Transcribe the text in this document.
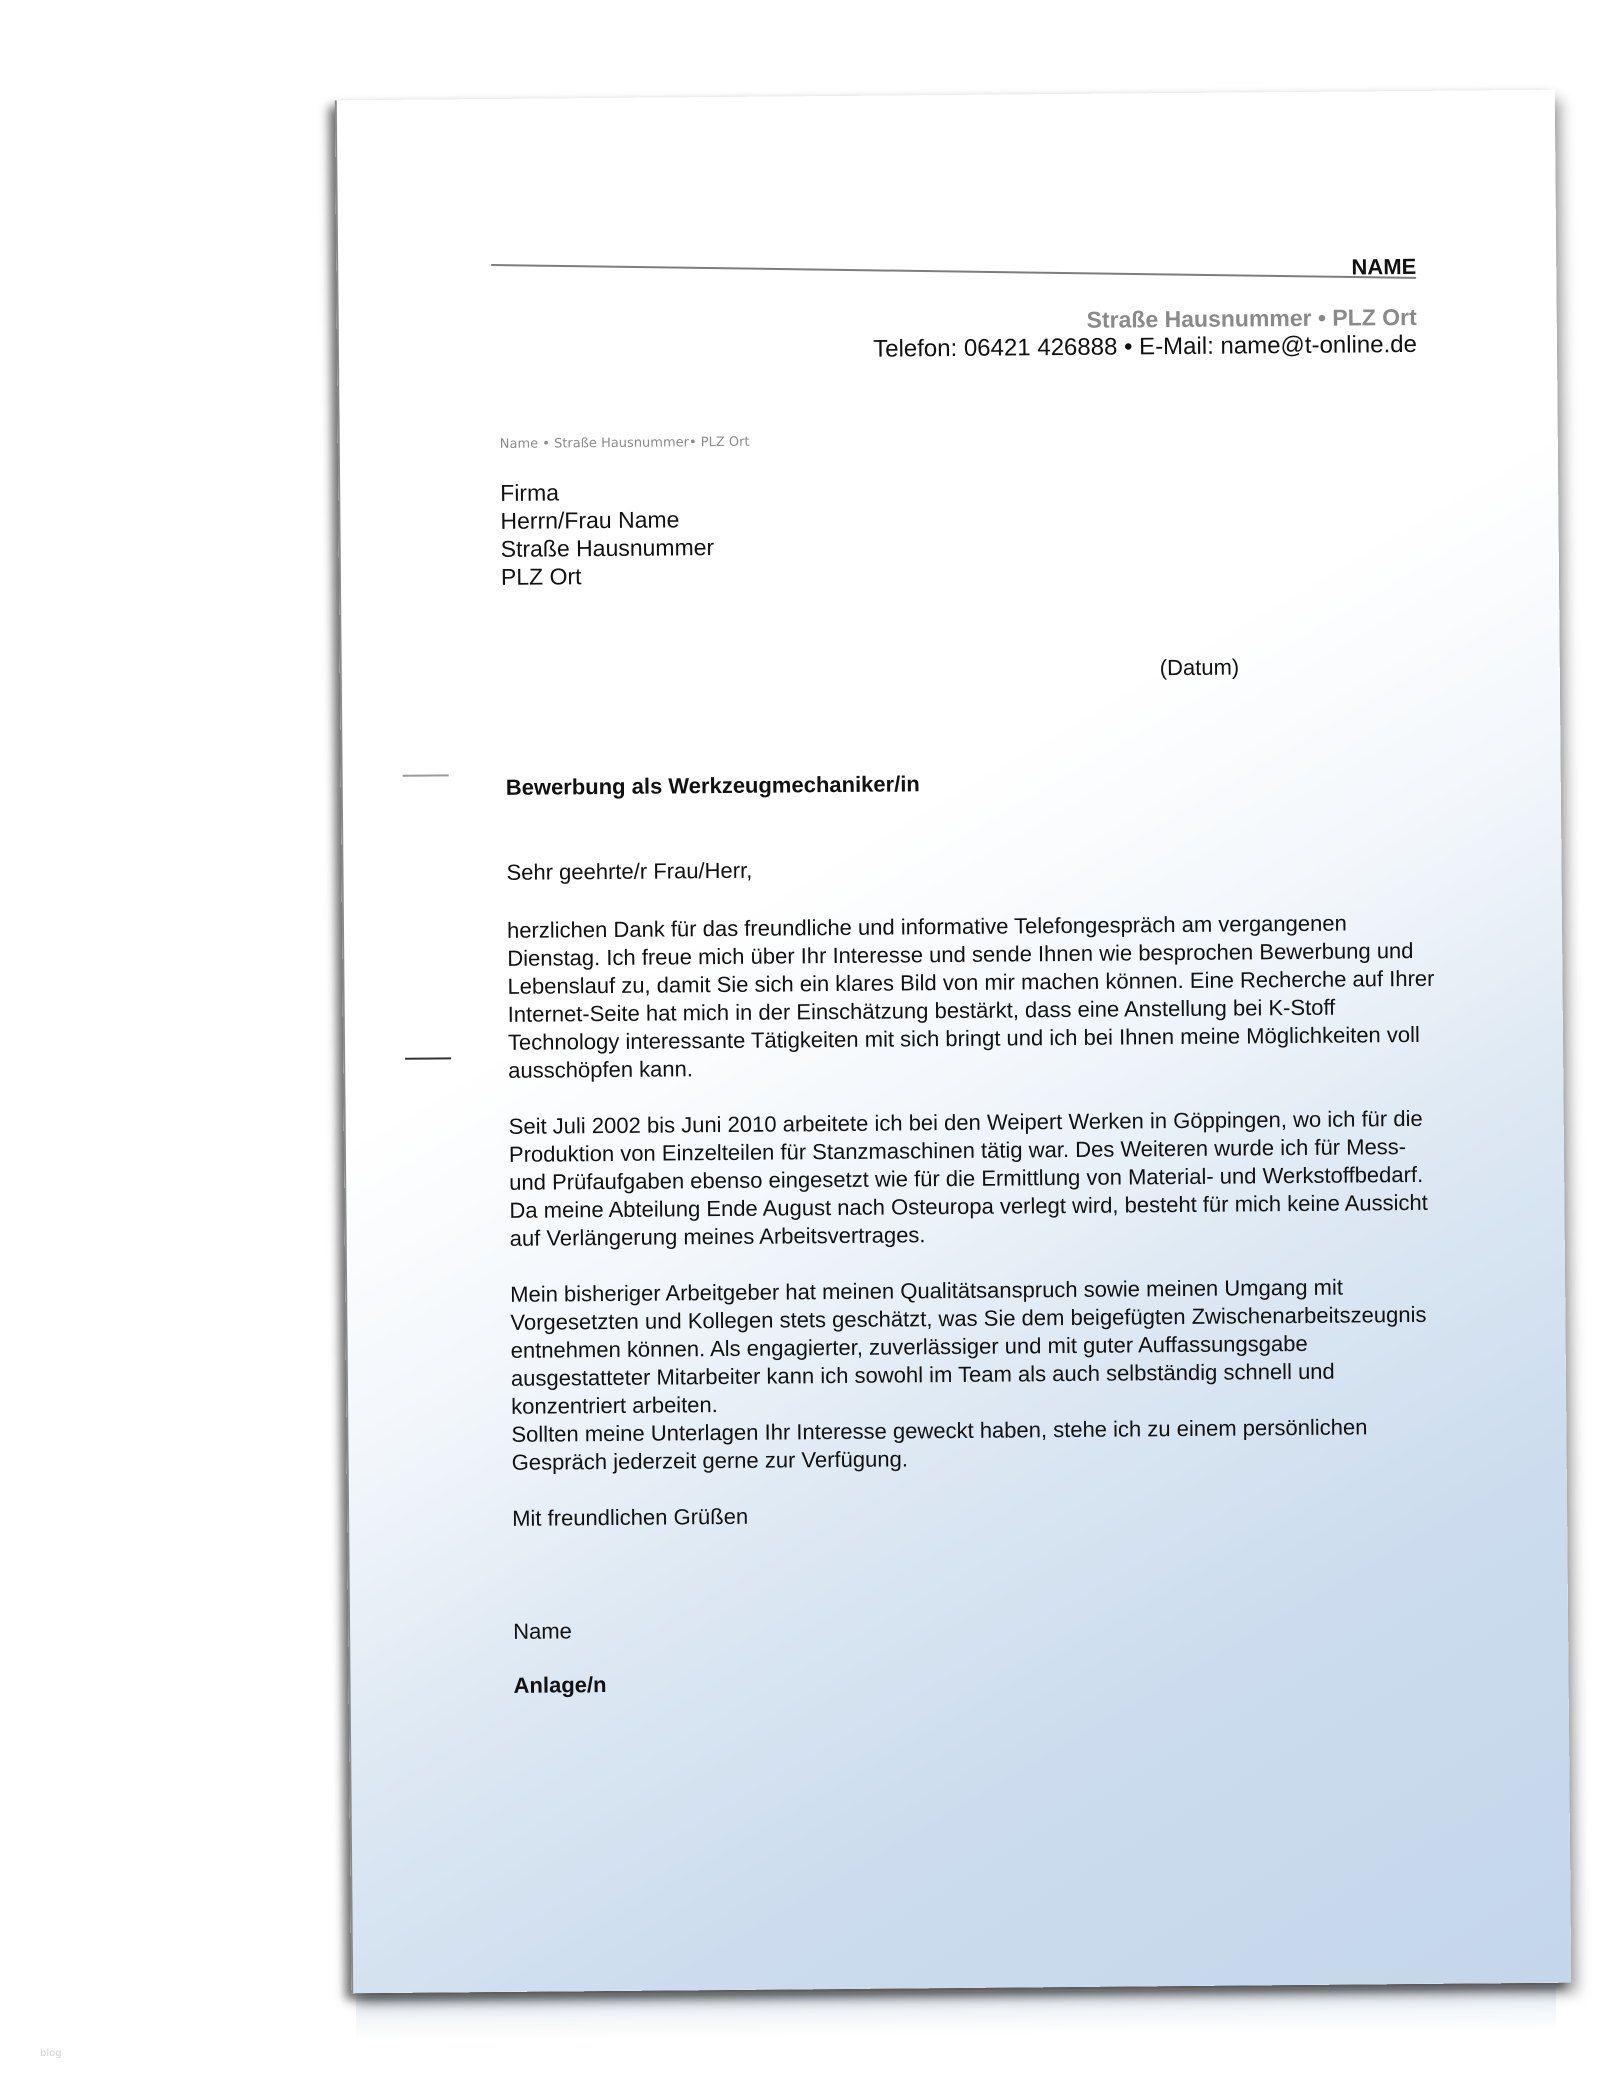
NAME
Straße Hausnummer • PLZ Ort
Telefon: 06421 426888 • E-Mail: name@t-online.de
Name • Straße Hausnummer• PLZ Ort
Firma
Herrn/Frau Name
Straße Hausnummer
PLZ Ort
(Datum)
Bewerbung als Werkzeugmechaniker/in

Sehr geehrte/r Frau/Herr,

herzlichen Dank für das freundliche und informative Telefongespräch am vergangenen Dienstag. Ich freue mich über Ihr Interesse und sende Ihnen wie besprochen Bewerbung und Lebenslauf zu, damit Sie sich ein klares Bild von mir machen können. Eine Recherche auf Ihrer Internet-Seite hat mich in der Einschätzung bestärkt, dass eine Anstellung bei K-Stoff Technology interessante Tätigkeiten mit sich bringt und ich bei Ihnen meine Möglichkeiten voll ausschöpfen kann.

Seit Juli 2002 bis Juni 2010 arbeitete ich bei den Weipert Werken in Göppingen, wo ich für die Produktion von Einzelteilen für Stanzmaschinen tätig war. Des Weiteren wurde ich für Mess- und Prüfaufgaben ebenso eingesetzt wie für die Ermittlung von Material- und Werkstoffbedarf. Da meine Abteilung Ende August nach Osteuropa verlegt wird, besteht für mich keine Aussicht auf Verlängerung meines Arbeitsvertrages.

Mein bisheriger Arbeitgeber hat meinen Qualitätsanspruch sowie meinen Umgang mit Vorgesetzten und Kollegen stets geschätzt, was Sie dem beigefügten Zwischenarbeitszeugnis entnehmen können. Als engagierter, zuverlässiger und mit guter Auffassungsgabe ausgestatteter Mitarbeiter kann ich sowohl im Team als auch selbständig schnell und konzentriert arbeiten.

Sollten meine Unterlagen Ihr Interesse geweckt haben, stehe ich zu einem persönlichen Gespräch jederzeit gerne zur Verfügung.

Mit freundlichen Grüßen

Name
Anlage/n
blog
